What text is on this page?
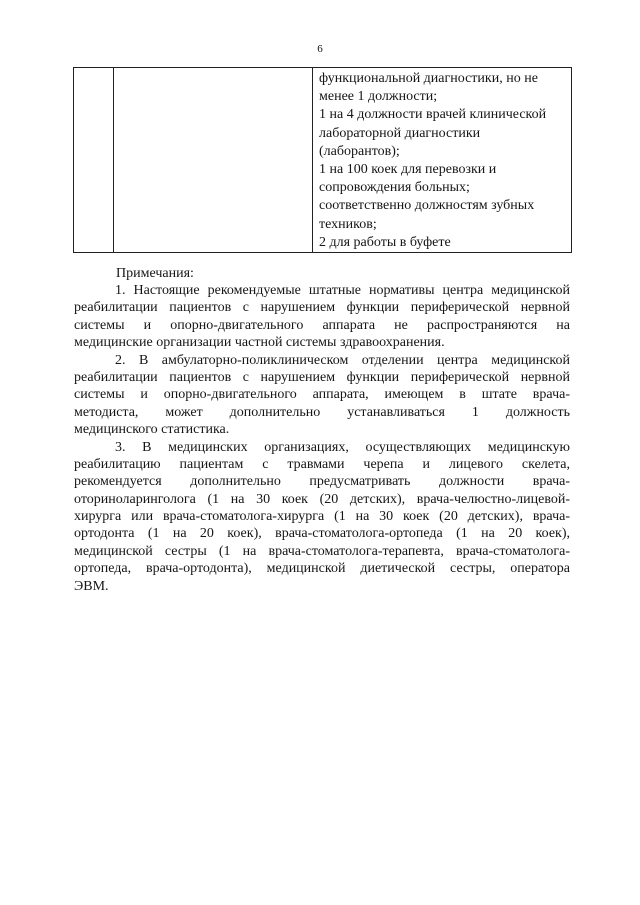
6

функциональной диагностики, но не
менее 1 должности;
1 на 4 должности врачей клинической
лабораторной диагностики
(лаборантов);
1 на 100 коек для перевозки и
сопровождения больных;
соответственно должностям зубных
техников;
2 для работы в буфете
Примечания:
1. Настоящие рекомендуемые штатные нормативы центра медицинской
реабилитации пациентов с нарушением функции периферической нервной
системы и опорно-двигательного аппарата не распространяются на
медицинские организации частной системы здравоохранения.
2. В амбулаторно-поликлиническом отделении центра медицинской
реабилитации пациентов с нарушением функции периферической нервной
системы и опорно-двигательного аппарата, имеющем в штате врача-
методиста, может дополнительно устанавливаться 1 должность
медицинского статистика.
3. В медицинских организациях, осуществляющих медицинскую
реабилитацию пациентам с травмами черепа и лицевого скелета,
рекомендуется дополнительно предусматривать должности врача-
оториноларинголога (1 на 30 коек (20 детских), врача-челюстно-лицевой-
хирурга или врача-стоматолога-хирурга (1 на 30 коек (20 детских), врача-
ортодонта (1 на 20 коек), врача-стоматолога-ортопеда (1 на 20 коек),
медицинской сестры (1 на врача-стоматолога-терапевта, врача-стоматолога-
ортопеда, врача-ортодонта), медицинской диетической сестры, оператора
ЭВМ.
